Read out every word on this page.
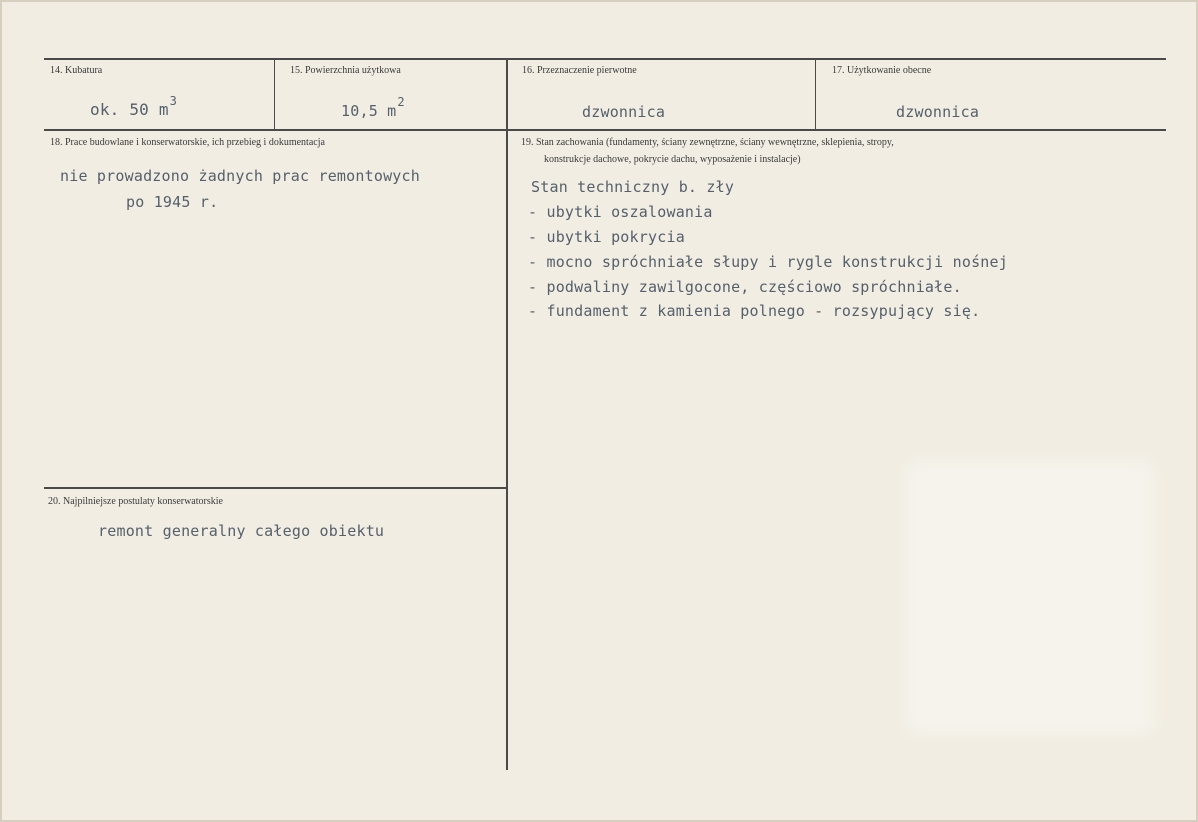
14. Kubatura
ok. 50 $m^3$
15. Powierzchnia użytkowa
10,5 $m^2$
16. Przeznaczenie pierwotne
dzwonnica
17. Użytkowanie obecne
dzwonnica
18. Prace budowlane i konserwatorskie, ich przebieg i dokumentacja
nie prowadzono żadnych prac remontowych
po 1945 r.
19. Stan zachowania (fundamenty, ściany zewnętrzne, ściany wewnętrzne, sklepienia, stropy,
konstrukcje dachowe, pokrycie dachu, wyposażenie i instalacje)
Stan techniczny b. zły
- ubytki oszalowania
- ubytki pokrycia
- mocno spróchniałe słupy i rygle konstrukcji nośnej
- podwaliny zawilgocone, częściowo spróchniałe.
- fundament z kamienia polnego - rozsypujący się.
20. Najpilniejsze postulaty konserwatorskie
remont generalny całego obiektu
